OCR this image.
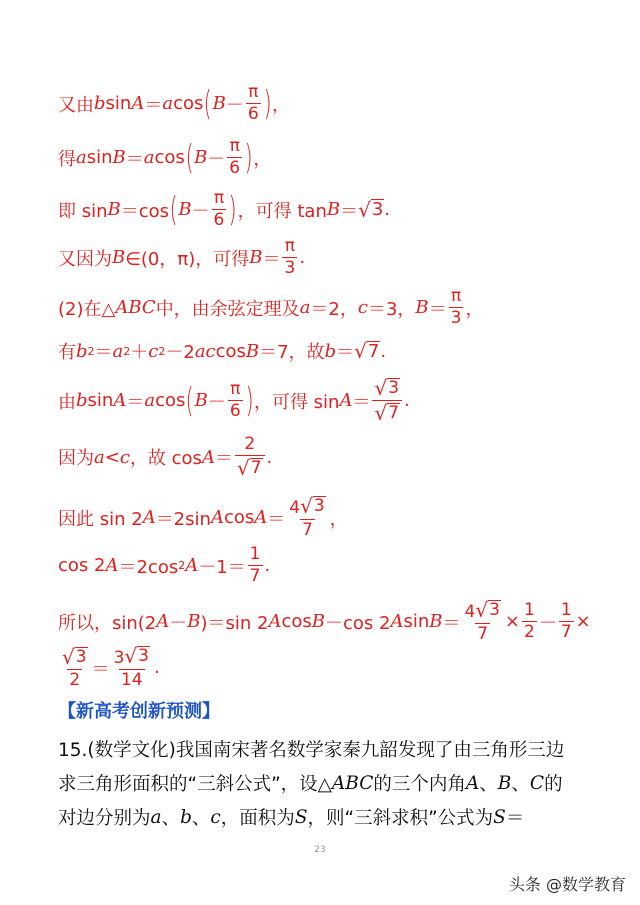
又由 b sin A ＝ a cos ( $B - \frac{\pi}{6}$ ) ，
得 a sin B ＝ a cos ( $B - \frac{\pi}{6}$ ) ，
即 sin B ＝cos ( $B - \frac{\pi}{6}$ ) ，可得 tan B ＝ √ 3 .
又因为 B ∈(0，π)，可得 $B = \frac{\pi}{3}$ .
(2)在△ ABC 中，由余弦定理及 a ＝2， c ＝3， $B = \frac{\pi}{3}$ ，
有 b 2 ＝ a 2 ＋ c 2 －2 ac cos B ＝7，故 b ＝ √ 7 .
由 b sin A ＝ a cos ( $B - \frac{\pi}{6}$ ) ，可得 $\sin A = \frac{√ 3}{√ 7}$ .
因为 a < c ，故 $\cos A = \frac{2}{√ 7}$ .
因此 sin 2 A ＝2sin A $\cos A = \frac{4 √ 3}{7}$ ，
cos 2 A ＝2cos 2 $A -1= \frac{1}{7}$ .
所以，sin(2 A － B )＝sin 2 A cos B －cos 2 A $\sin B = \frac{4 √ 3}{7} \times \frac{1}{2} - \frac{1}{7}$ ×
$\frac{√ 3}{2} = \frac{3 √ 3}{14}$ .
【新高考创新预测】
15.(数学文化)我国南宋著名数学家秦九韶发现了由三角形三边
求三角形面积的“三斜公式”，设△ ABC 的三个内角 A 、 B 、 C 的
对边分别为 a 、 b 、 c ，面积为 S ，则“三斜求积”公式为 S ＝
23
头条 @数学教育
